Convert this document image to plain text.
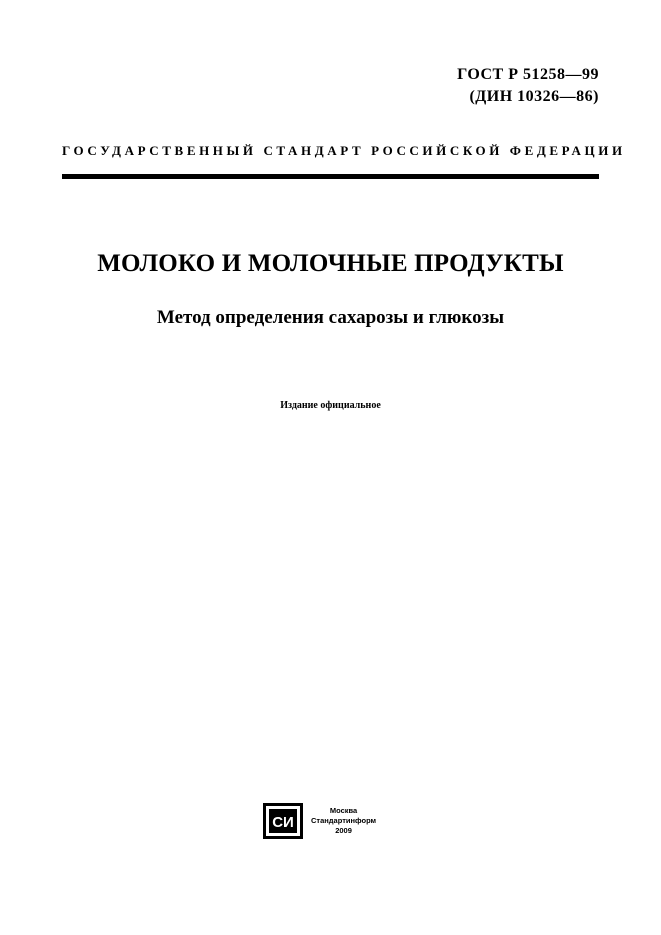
ГОСТ Р 51258—99
(ДИН 10326—86)
ГОСУДАРСТВЕННЫЙ СТАНДАРТ РОССИЙСКОЙ ФЕДЕРАЦИИ
МОЛОКО И МОЛОЧНЫЕ ПРОДУКТЫ
Метод определения сахарозы и глюкозы
Издание официальное
СИ
Москва
Стандартинформ
2009
